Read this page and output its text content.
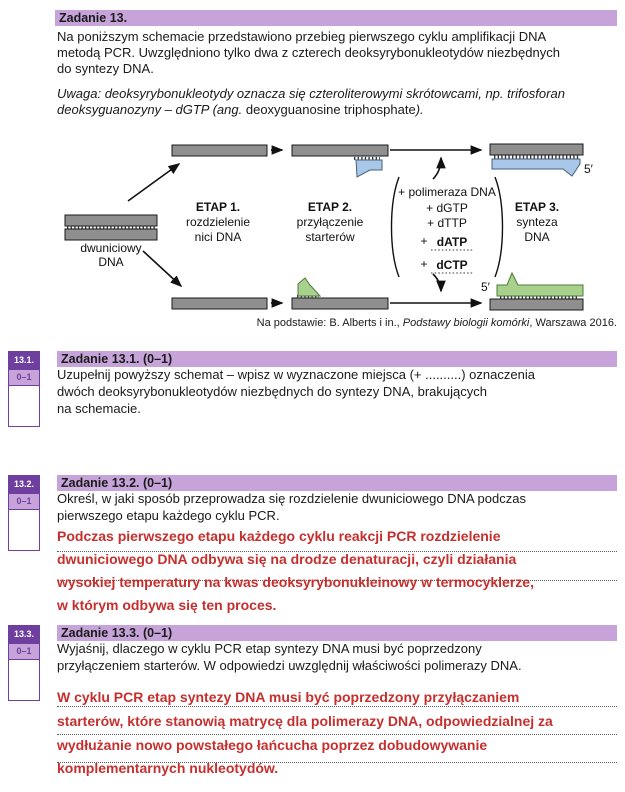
Zadanie 13.
Na poniższym schemacie przedstawiono przebieg pierwszego cyklu amplifikacji DNA
metodą PCR. Uwzględniono tylko dwa z czterech deoksyrybonukleotydów niezbędnych
do syntezy DNA.
Uwaga: deoksyrybonukleotydy oznacza się czteroliterowymi skrótowcami, np. trifosforan
deoksyguanozyny – dGTP (ang. deoxyguanosine triphosphate).
dwuniciowy
DNA
ETAP 1.
rozdzielenie
nici DNA
ETAP 2.
przyłączenie
starterów
ETAP 3.
synteza
DNA
+ polimeraza DNA
+ dGTP
+ dTTP
+ dATP
+ dCTP
5′
5′
Na podstawie: B. Alberts i in., Podstawy biologii komórki, Warszawa 2016.
13.1.
0–1
Zadanie 13.1. (0–1)
Uzupełnij powyższy schemat – wpisz w wyznaczone miejsca (+ ..........) oznaczenia
dwóch deoksyrybonukleotydów niezbędnych do syntezy DNA, brakujących
na schemacie.
13.2.
0–1
Zadanie 13.2. (0–1)
Określ, w jaki sposób przeprowadza się rozdzielenie dwuniciowego DNA podczas
pierwszego etapu każdego cyklu PCR.
Podczas pierwszego etapu każdego cyklu reakcji PCR rozdzielenie
dwuniciowego DNA odbywa się na drodze denaturacji, czyli działania
wysokiej temperatury na kwas deoksyrybonukleinowy w termocyklerze,
w którym odbywa się ten proces.
13.3.
0–1
Zadanie 13.3. (0–1)
Wyjaśnij, dlaczego w cyklu PCR etap syntezy DNA musi być poprzedzony
przyłączeniem starterów. W odpowiedzi uwzględnij właściwości polimerazy DNA.
W cyklu PCR etap syntezy DNA musi być poprzedzony przyłączaniem
starterów, które stanowią matrycę dla polimerazy DNA, odpowiedzialnej za
wydłużanie nowo powstałego łańcucha poprzez dobudowywanie
komplementarnych nukleotydów.
